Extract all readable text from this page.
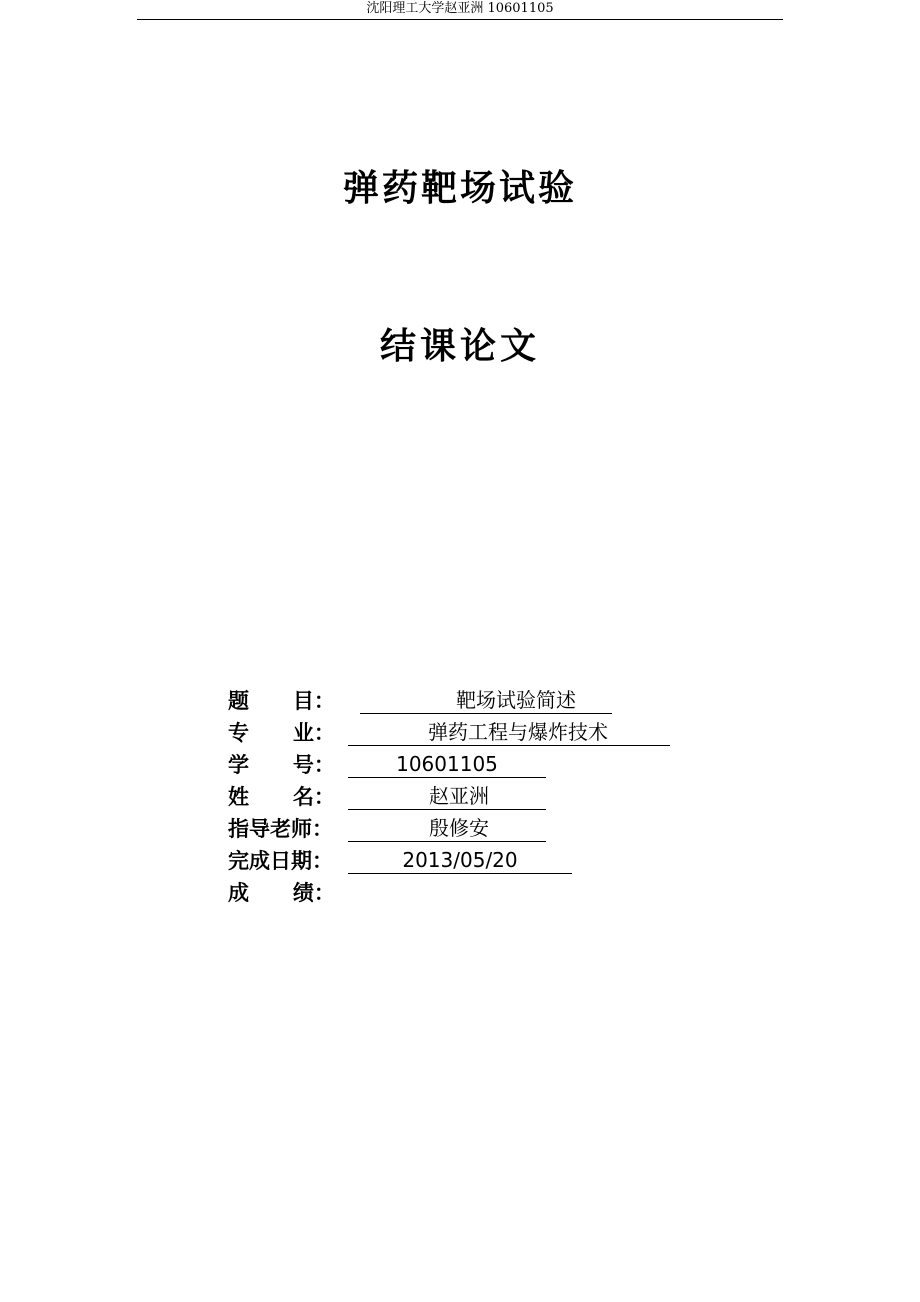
沈阳理工大学赵亚洲 10601105
弹药靶场试验
结课论文
题      目：	靶场试验简述
专      业：	弹药工程与爆炸技术
学      号：	10601105
姓      名：	赵亚洲
指导老师：	殷修安
完成日期：	2013/05/20
成      绩：
